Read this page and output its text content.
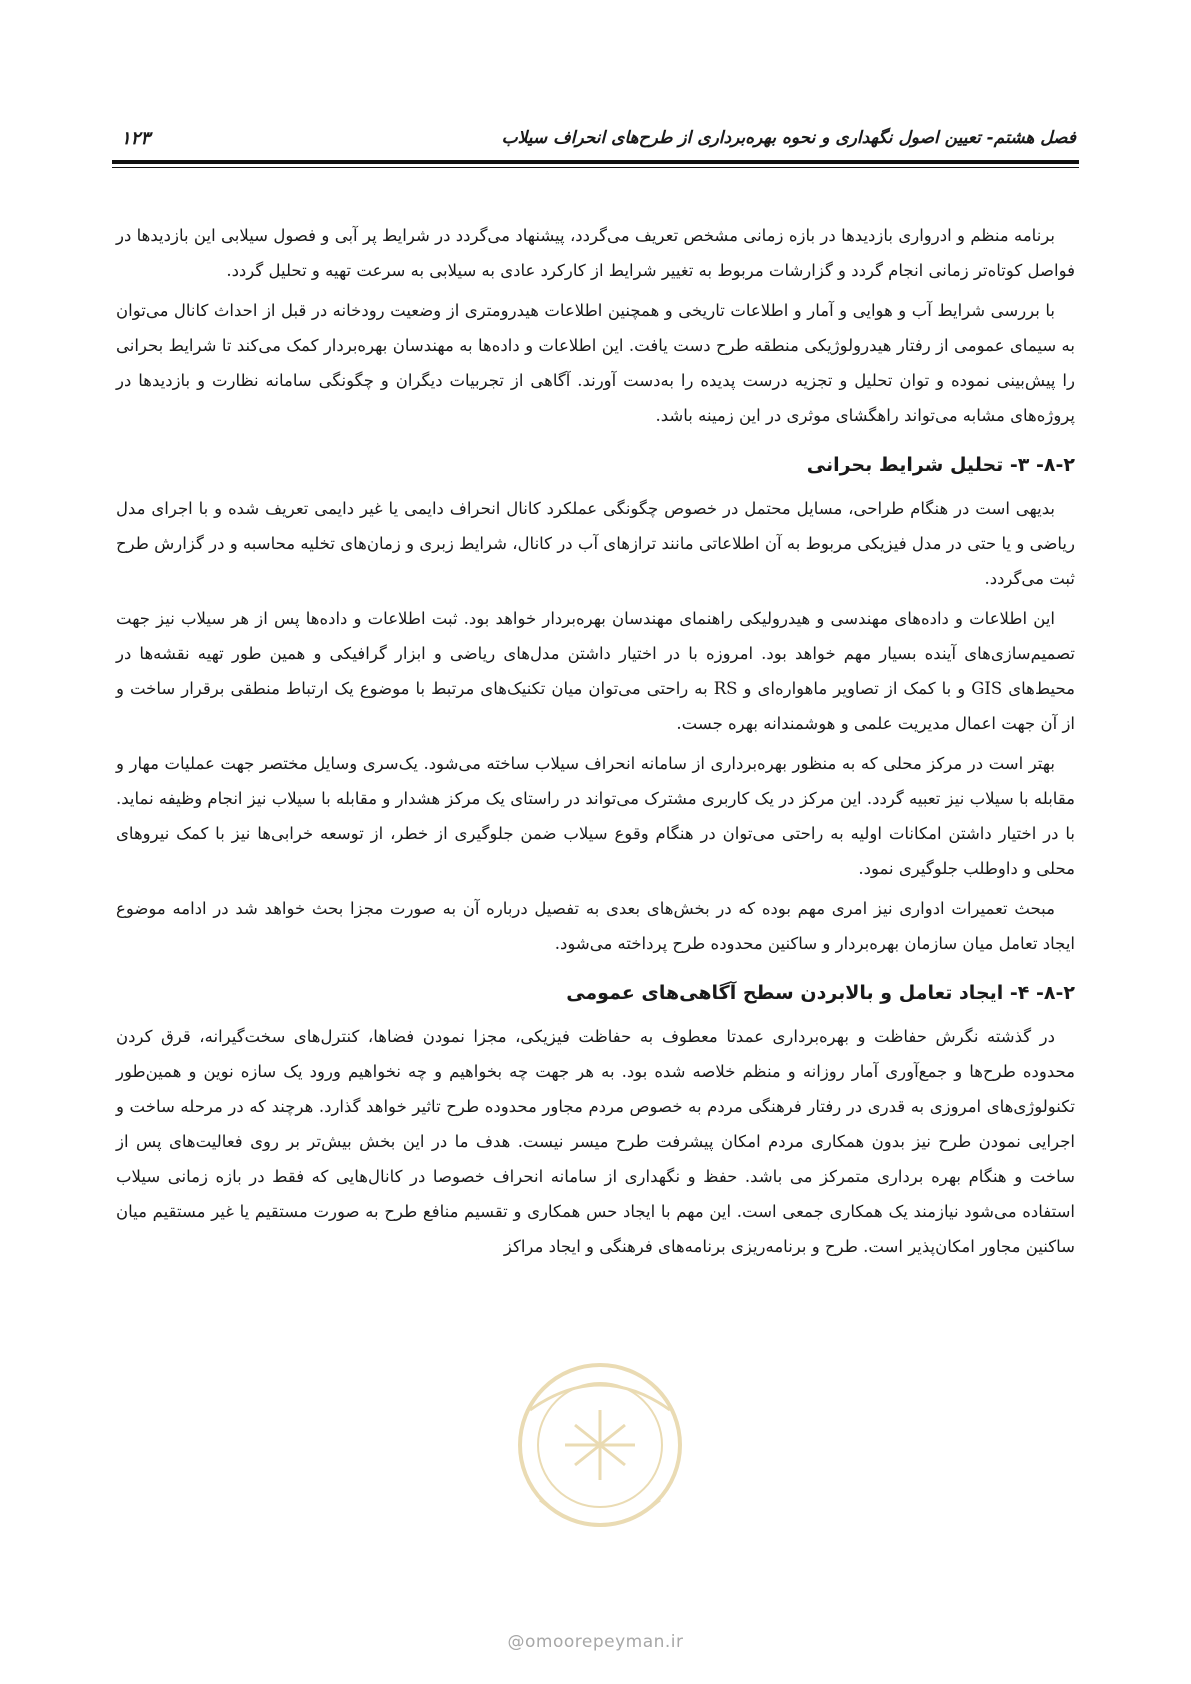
فصل هشتم- تعیین اصول نگهداری و نحوه بهره‌برداری از طرح‌های انحراف سیلاب
۱۲۳

برنامه منظم و ادرواری بازدیدها در بازه زمانی مشخص تعریف می‌گردد، پیشنهاد می‌گردد در شرایط پر آبی و فصول سیلابی این بازدیدها در فواصل کوتاه‌تر زمانی انجام گردد و گزارشات مربوط به تغییر شرایط از کارکرد عادی به سیلابی به سرعت تهیه و تحلیل گردد.

با بررسی شرایط آب و هوایی و آمار و اطلاعات تاریخی و همچنین اطلاعات هیدرومتری از وضعیت رودخانه در قبل از احداث کانال می‌توان به سیمای عمومی از رفتار هیدرولوژیکی منطقه طرح دست یافت. این اطلاعات و داده‌ها به مهندسان بهره‌بردار کمک می‌کند تا شرایط بحرانی را پیش‌بینی نموده و توان تحلیل و تجزیه درست پدیده را به‌دست آورند. آگاهی از تجربیات دیگران و چگونگی سامانه نظارت و بازدیدها در پروژه‌های مشابه می‌تواند راهگشای موثری در این زمینه باشد.

۸-۲- ۳- تحلیل شرایط بحرانی

بدیهی است در هنگام طراحی، مسایل محتمل در خصوص چگونگی عملکرد کانال انحراف دایمی یا غیر دایمی تعریف شده و با اجرای مدل ریاضی و یا حتی در مدل فیزیکی مربوط به آن اطلاعاتی مانند ترازهای آب در کانال، شرایط زبری و زمان‌های تخلیه محاسبه و در گزارش طرح ثبت می‌گردد.

این اطلاعات و داده‌های مهندسی و هیدرولیکی راهنمای مهندسان بهره‌بردار خواهد بود. ثبت اطلاعات و داده‌ها پس از هر سیلاب نیز جهت تصمیم‌سازی‌های آینده بسیار مهم خواهد بود. امروزه با در اختیار داشتن مدل‌های ریاضی و ابزار گرافیکی و همین طور تهیه نقشه‌ها در محیط‌های GIS و با کمک از تصاویر ماهواره‌ای و RS به راحتی می‌توان میان تکنیک‌های مرتبط با موضوع یک ارتباط منطقی برقرار ساخت و از آن جهت اعمال مدیریت علمی و هوشمندانه بهره جست.

بهتر است در مرکز محلی که به منظور بهره‌برداری از سامانه انحراف سیلاب ساخته می‌شود. یک‌سری وسایل مختصر جهت عملیات مهار و مقابله با سیلاب نیز تعبیه گردد. این مرکز در یک کاربری مشترک می‌تواند در راستای یک مرکز هشدار و مقابله با سیلاب نیز انجام وظیفه نماید. با در اختیار داشتن امکانات اولیه به راحتی می‌توان در هنگام وقوع سیلاب ضمن جلوگیری از خطر، از توسعه خرابی‌ها نیز با کمک نیروهای محلی و داوطلب جلوگیری نمود.

مبحث تعمیرات ادواری نیز امری مهم بوده که در بخش‌های بعدی به تفصیل درباره آن به صورت مجزا بحث خواهد شد در ادامه موضوع ایجاد تعامل میان سازمان بهره‌بردار و ساکنین محدوده طرح پرداخته می‌شود.

۸-۲- ۴- ایجاد تعامل و بالابردن سطح آگاهی‌های عمومی

در گذشته نگرش حفاظت و بهره‌برداری عمدتا معطوف به حفاظت فیزیکی، مجزا نمودن فضاها، کنترل‌های سخت‌گیرانه، قرق کردن محدوده طرح‌ها و جمع‌آوری آمار روزانه و منظم خلاصه شده بود. به هر جهت چه بخواهیم و چه نخواهیم ورود یک سازه نوین و همین‌طور تکنولوژی‌های امروزی به قدری در رفتار فرهنگی مردم به خصوص مردم مجاور محدوده طرح تاثیر خواهد گذارد. هرچند که در مرحله ساخت و اجرایی نمودن طرح نیز بدون همکاری مردم امکان پیشرفت طرح میسر نیست. هدف ما در این بخش بیش‌تر بر روی فعالیت‌های پس از ساخت و هنگام بهره برداری متمرکز می باشد. حفظ و نگهداری از سامانه انحراف خصوصا در کانال‌هایی که فقط در بازه زمانی سیلاب استفاده می‌شود نیازمند یک همکاری جمعی است. این مهم با ایجاد حس همکاری و تقسیم منافع طرح به صورت مستقیم یا غیر مستقیم میان ساکنین مجاور امکان‌پذیر است. طرح و برنامه‌ریزی برنامه‌های فرهنگی و ایجاد مراکز

@omoorepeyman.ir
